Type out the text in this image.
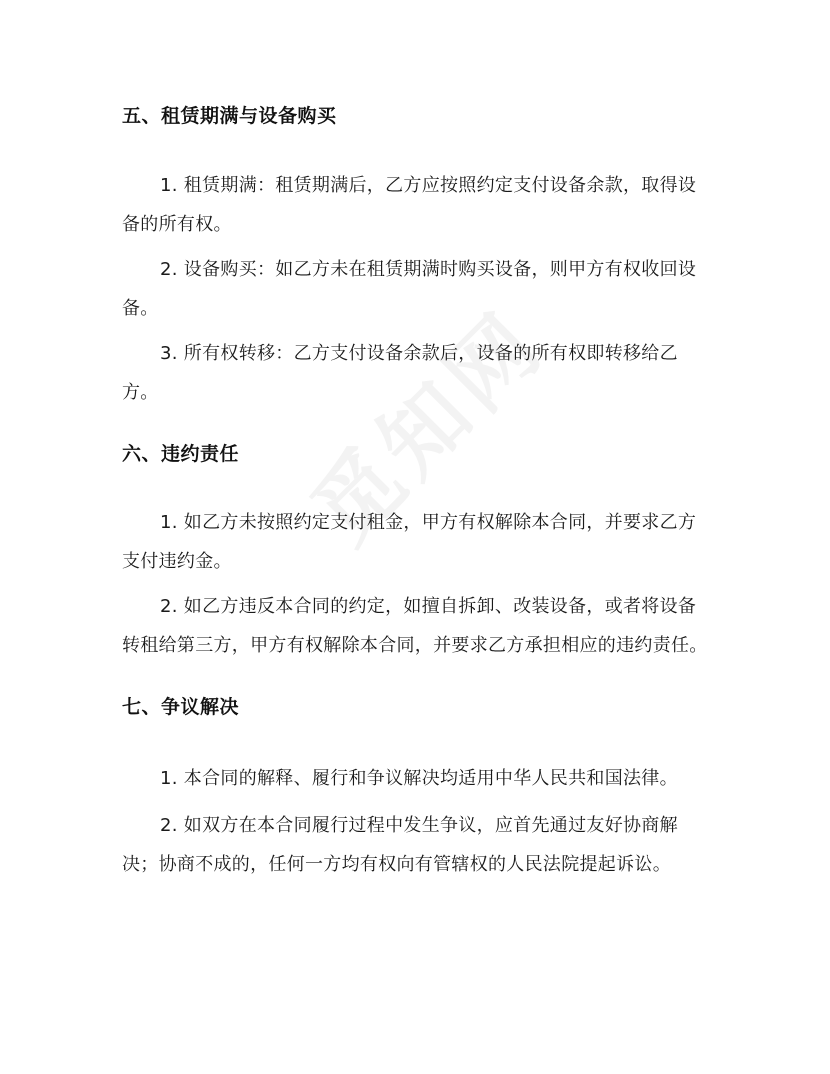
五、租赁期满与设备购买

1. 租赁期满：租赁期满后，乙方应按照约定支付设备余款，取得设备的所有权。

2. 设备购买：如乙方未在租赁期满时购买设备，则甲方有权收回设备。

3. 所有权转移：乙方支付设备余款后，设备的所有权即转移给乙方。

六、违约责任

1. 如乙方未按照约定支付租金，甲方有权解除本合同，并要求乙方支付违约金。

2. 如乙方违反本合同的约定，如擅自拆卸、改装设备，或者将设备转租给第三方，甲方有权解除本合同，并要求乙方承担相应的违约责任。

七、争议解决

1. 本合同的解释、履行和争议解决均适用中华人民共和国法律。

2. 如双方在本合同履行过程中发生争议，应首先通过友好协商解决；协商不成的，任何一方均有权向有管辖权的人民法院提起诉讼。
